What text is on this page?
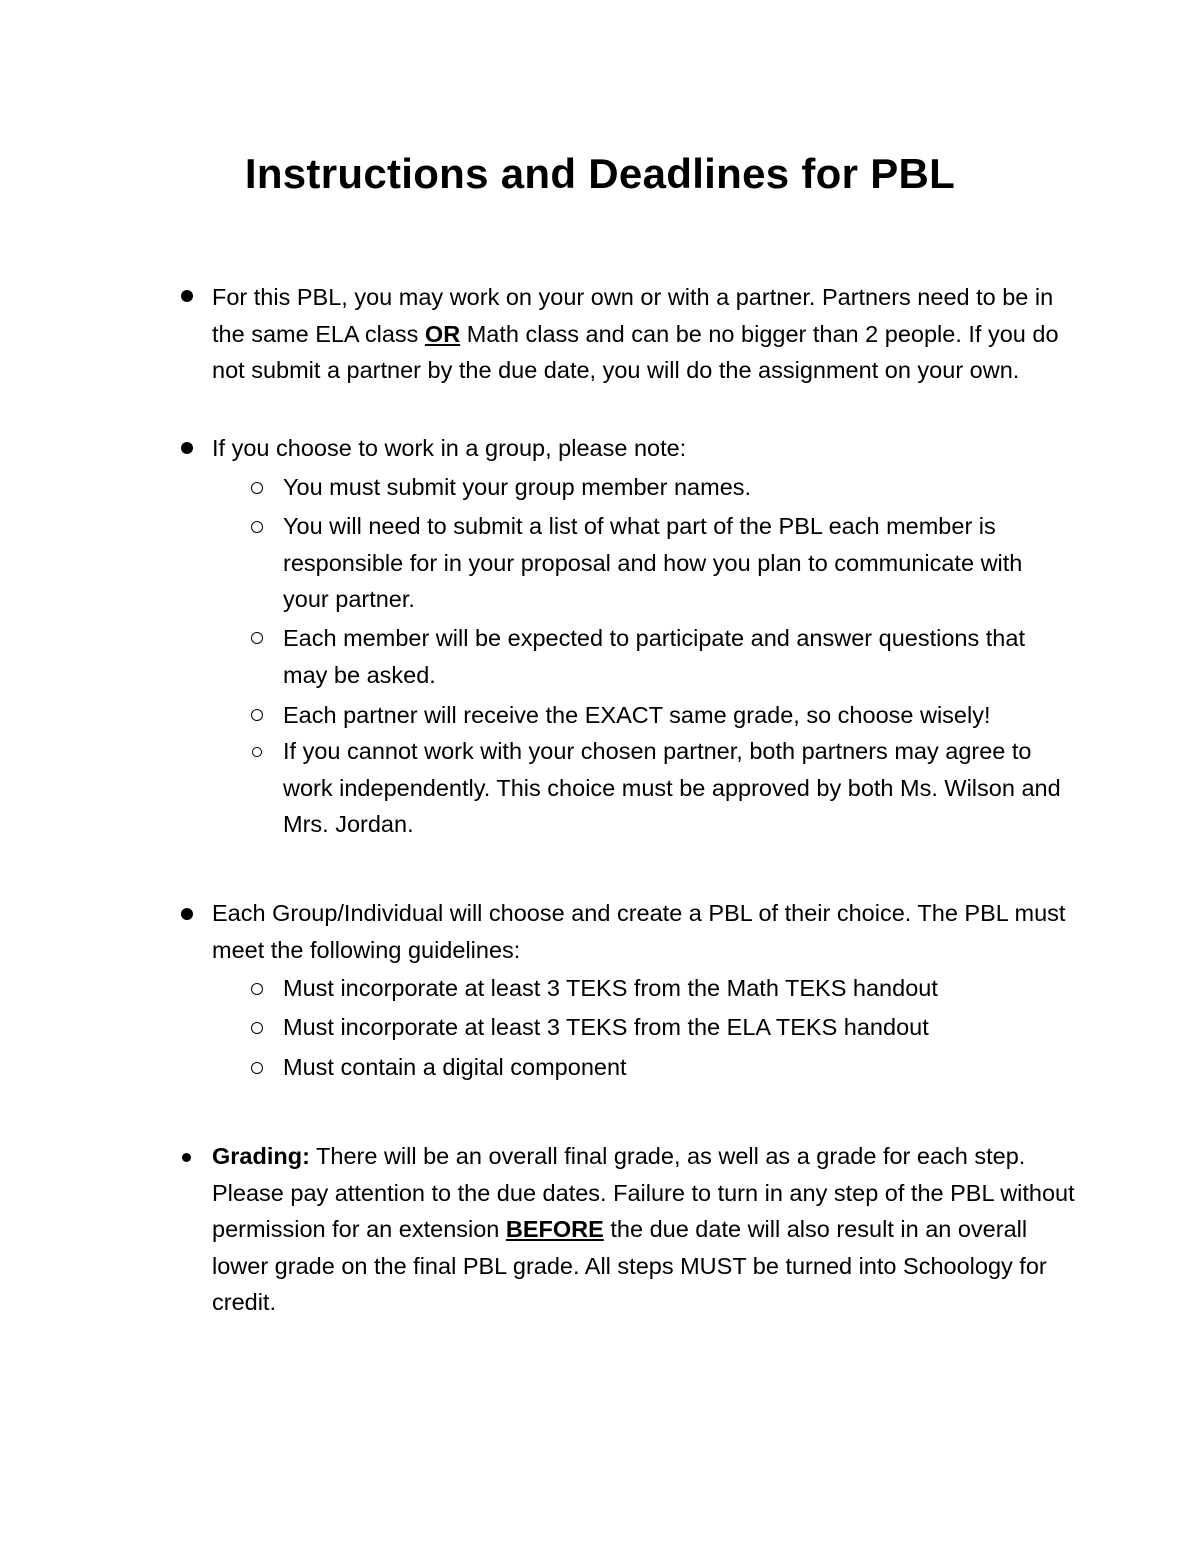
Instructions and Deadlines for PBL
For this PBL, you may work on your own or with a partner. Partners need to be in the same ELA class OR Math class and can be no bigger than 2 people. If you do not submit a partner by the due date, you will do the assignment on your own.
If you choose to work in a group, please note:
You must submit your group member names.
You will need to submit a list of what part of the PBL each member is responsible for in your proposal and how you plan to communicate with your partner.
Each member will be expected to participate and answer questions that may be asked.
Each partner will receive the EXACT same grade, so choose wisely!
If you cannot work with your chosen partner, both partners may agree to work independently. This choice must be approved by both Ms. Wilson and Mrs. Jordan.
Each Group/Individual will choose and create a PBL of their choice. The PBL must meet the following guidelines:
Must incorporate at least 3 TEKS from the Math TEKS handout
Must incorporate at least 3 TEKS from the ELA TEKS handout
Must contain a digital component
Grading: There will be an overall final grade, as well as a grade for each step. Please pay attention to the due dates. Failure to turn in any step of the PBL without permission for an extension BEFORE the due date will also result in an overall lower grade on the final PBL grade. All steps MUST be turned into Schoology for credit.
